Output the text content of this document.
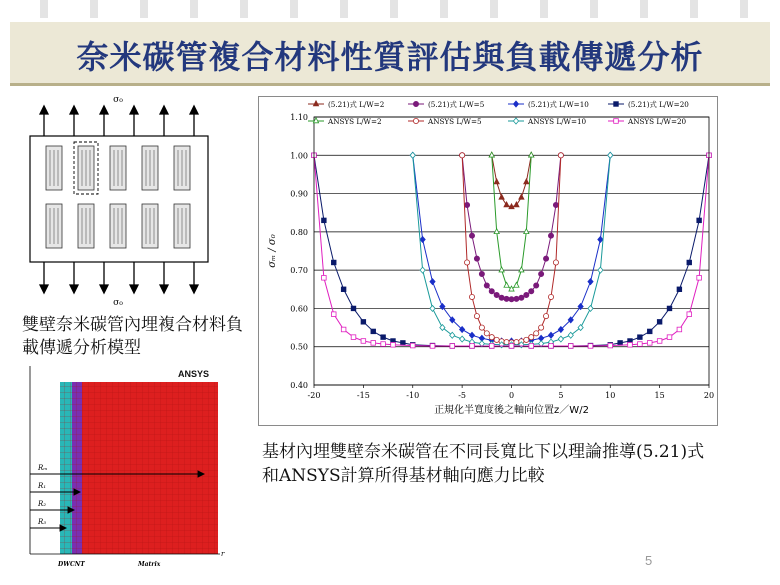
奈米碳管複合材料性質評估與負載傳遞分析
σ₀
σ₀
雙壁奈米碳管內埋複合材料負載傳遞分析模型
ANSYS
Rₘ
R₁
R₂
R₃
r
DWCNT	Matrix
0.40
0.50
0.60
0.70
0.80
0.90
1.00
1.10
-20	-15	-10	-5	0	5	10	15	20
正規化半寬度後之軸向位置z／W/2
σₘ / σ₀
(5.21)式 L/W=2	(5.21)式 L/W=5	(5.21)式 L/W=10	(5.21)式 L/W=20
ANSYS L/W=2	ANSYS L/W=5	ANSYS L/W=10	ANSYS L/W=20
基材內埋雙壁奈米碳管在不同長寬比下以理論推導(5.21)式和ANSYS計算所得基材軸向應力比較
5
